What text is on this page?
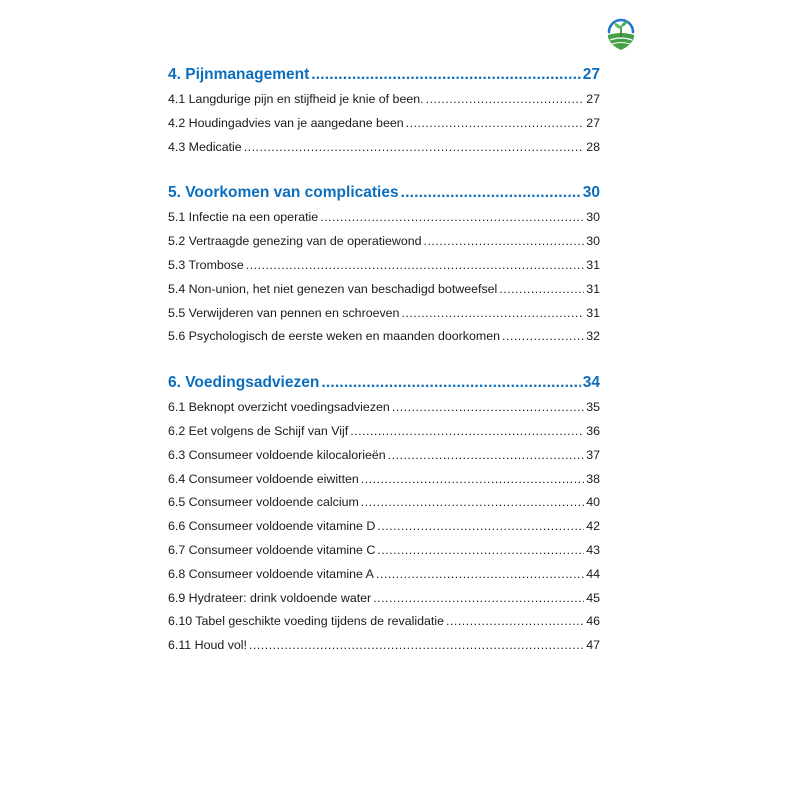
4. Pijnmanagement .....	27
4.1 Langdurige pijn en stijfheid je knie of been. .....	27
4.2 Houdingadvies van je aangedane been .....	27
4.3 Medicatie .....	28
5. Voorkomen van complicaties .....	30
5.1 Infectie na een operatie .....	30
5.2 Vertraagde genezing van de operatiewond .....	30
5.3 Trombose .....	31
5.4 Non-union, het niet genezen van beschadigd botweefsel .....	31
5.5 Verwijderen van pennen en schroeven .....	31
5.6 Psychologisch de eerste weken en maanden doorkomen .....	32
6. Voedingsadviezen .....	34
6.1 Beknopt overzicht voedingsadviezen .....	35
6.2 Eet volgens de Schijf van Vijf .....	36
6.3 Consumeer voldoende kilocalorieën .....	37
6.4 Consumeer voldoende eiwitten .....	38
6.5 Consumeer voldoende calcium .....	40
6.6 Consumeer voldoende vitamine D .....	42
6.7 Consumeer voldoende vitamine C .....	43
6.8 Consumeer voldoende vitamine A .....	44
6.9 Hydrateer: drink voldoende water .....	45
6.10 Tabel geschikte voeding tijdens de revalidatie .....	46
6.11 Houd vol! .....	47
